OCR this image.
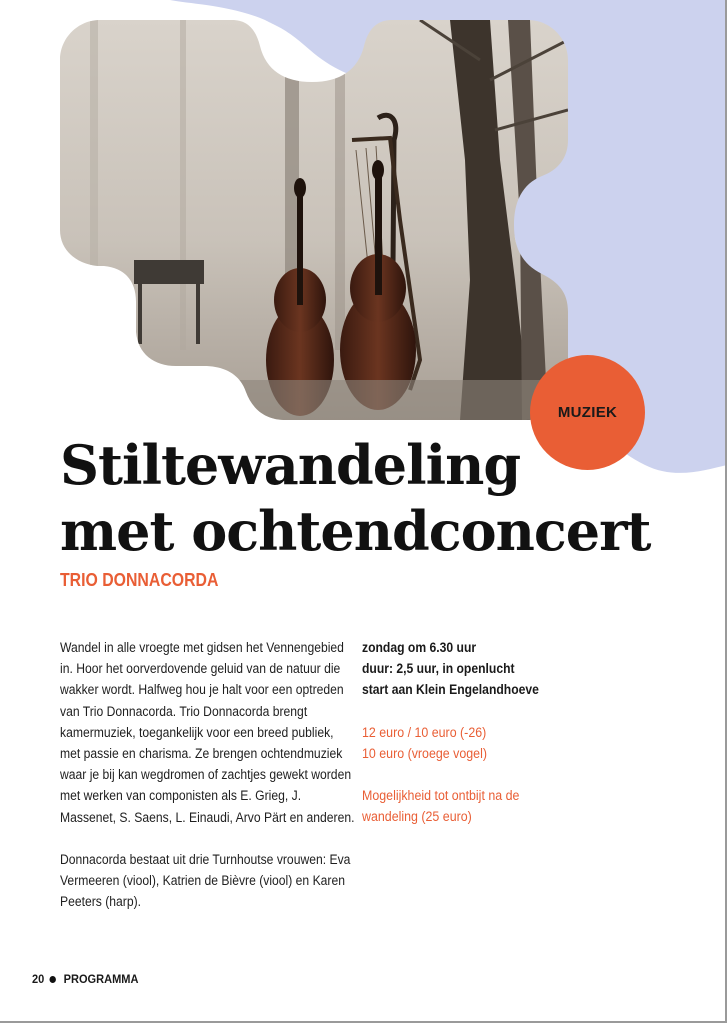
MUZIEK
Stiltewandeling
met ochtendconcert
TRIO DONNACORDA

Wandel in alle vroegte met gidsen het Vennengebied in. Hoor het oorverdovende geluid van de natuur die wakker wordt. Halfweg hou je halt voor een optreden van Trio Donnacorda. Trio Donnacorda brengt kamermuziek, toegankelijk voor een breed publiek, met passie en charisma. Ze brengen ochtendmuziek waar je bij kan wegdromen of zachtjes gewekt worden met werken van componisten als E. Grieg, J. Massenet, S. Saens, L. Einaudi, Arvo Pärt en anderen.

Donnacorda bestaat uit drie Turnhoutse vrouwen: Eva Vermeeren (viool), Katrien de Bièvre (viool) en Karen Peeters (harp).

zondag om 6.30 uur
duur: 2,5 uur, in openlucht
start aan Klein Engelandhoeve
12 euro / 10 euro (-26)
10 euro (vroege vogel)
Mogelijkheid tot ontbijt na de
wandeling (25 euro)
20 PROGRAMMA
